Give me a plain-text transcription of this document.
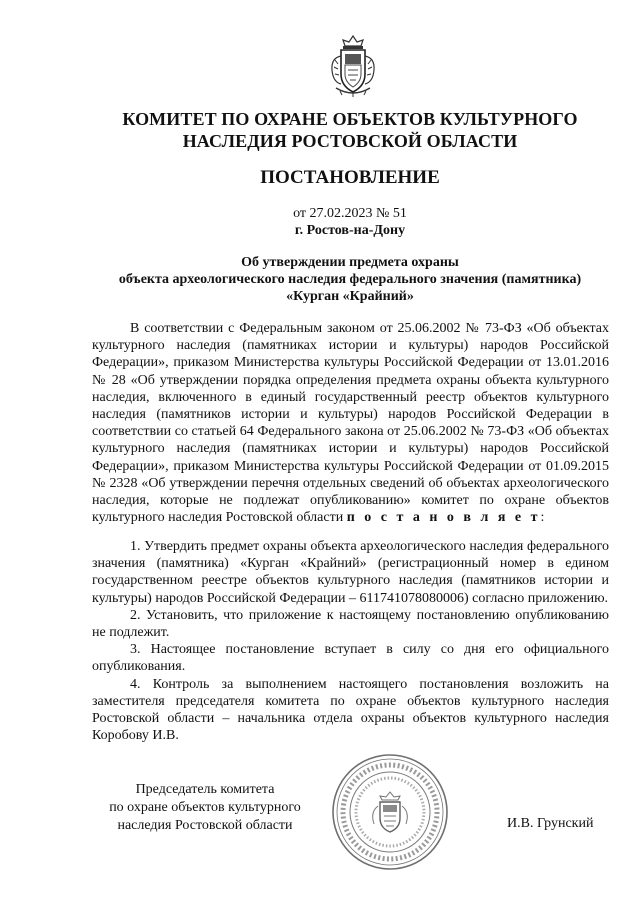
КОМИТЕТ ПО ОХРАНЕ ОБЪЕКТОВ КУЛЬТУРНОГО
НАСЛЕДИЯ РОСТОВСКОЙ ОБЛАСТИ
ПОСТАНОВЛЕНИЕ
от 27.02.2023 № 51
г. Ростов-на-Дону
Об утверждении предмета охраны
объекта археологического наследия федерального значения (памятника)
«Курган «Крайний»
В соответствии с Федеральным законом от 25.06.2002 № 73-ФЗ «Об объектах культурного наследия (памятниках истории и культуры) народов Российской Федерации», приказом Министерства культуры Российской Федерации от 13.01.2016 № 28 «Об утверждении порядка определения предмета охраны объекта культурного наследия, включенного в единый государственный реестр объектов культурного наследия (памятников истории и культуры) народов Российской Федерации в соответствии со статьей 64 Федерального закона от 25.06.2002 № 73-ФЗ «Об объектах культурного наследия (памятниках истории и культуры) народов Российской Федерации», приказом Министерства культуры Российской Федерации от 01.09.2015 № 2328 «Об утверждении перечня отдельных сведений об объектах археологического наследия, которые не подлежат опубликованию» комитет по охране объектов культурного наследия Ростовской области п о с т а н о в л я е т:

1. Утвердить предмет охраны объекта археологического наследия федерального значения (памятника) «Курган «Крайний» (регистрационный номер в едином государственном реестре объектов культурного наследия (памятников истории и культуры) народов Российской Федерации – 611741078080006) согласно приложению.

2. Установить, что приложение к настоящему постановлению опубликованию не подлежит.

3. Настоящее постановление вступает в силу со дня его официального опубликования.

4. Контроль за выполнением настоящего постановления возложить на заместителя председателя комитета по охране объектов культурного наследия Ростовской области – начальника отдела охраны объектов культурного наследия Коробову И.В.

Председатель комитета
по охране объектов культурного
наследия Ростовской области	И.В. Грунский
